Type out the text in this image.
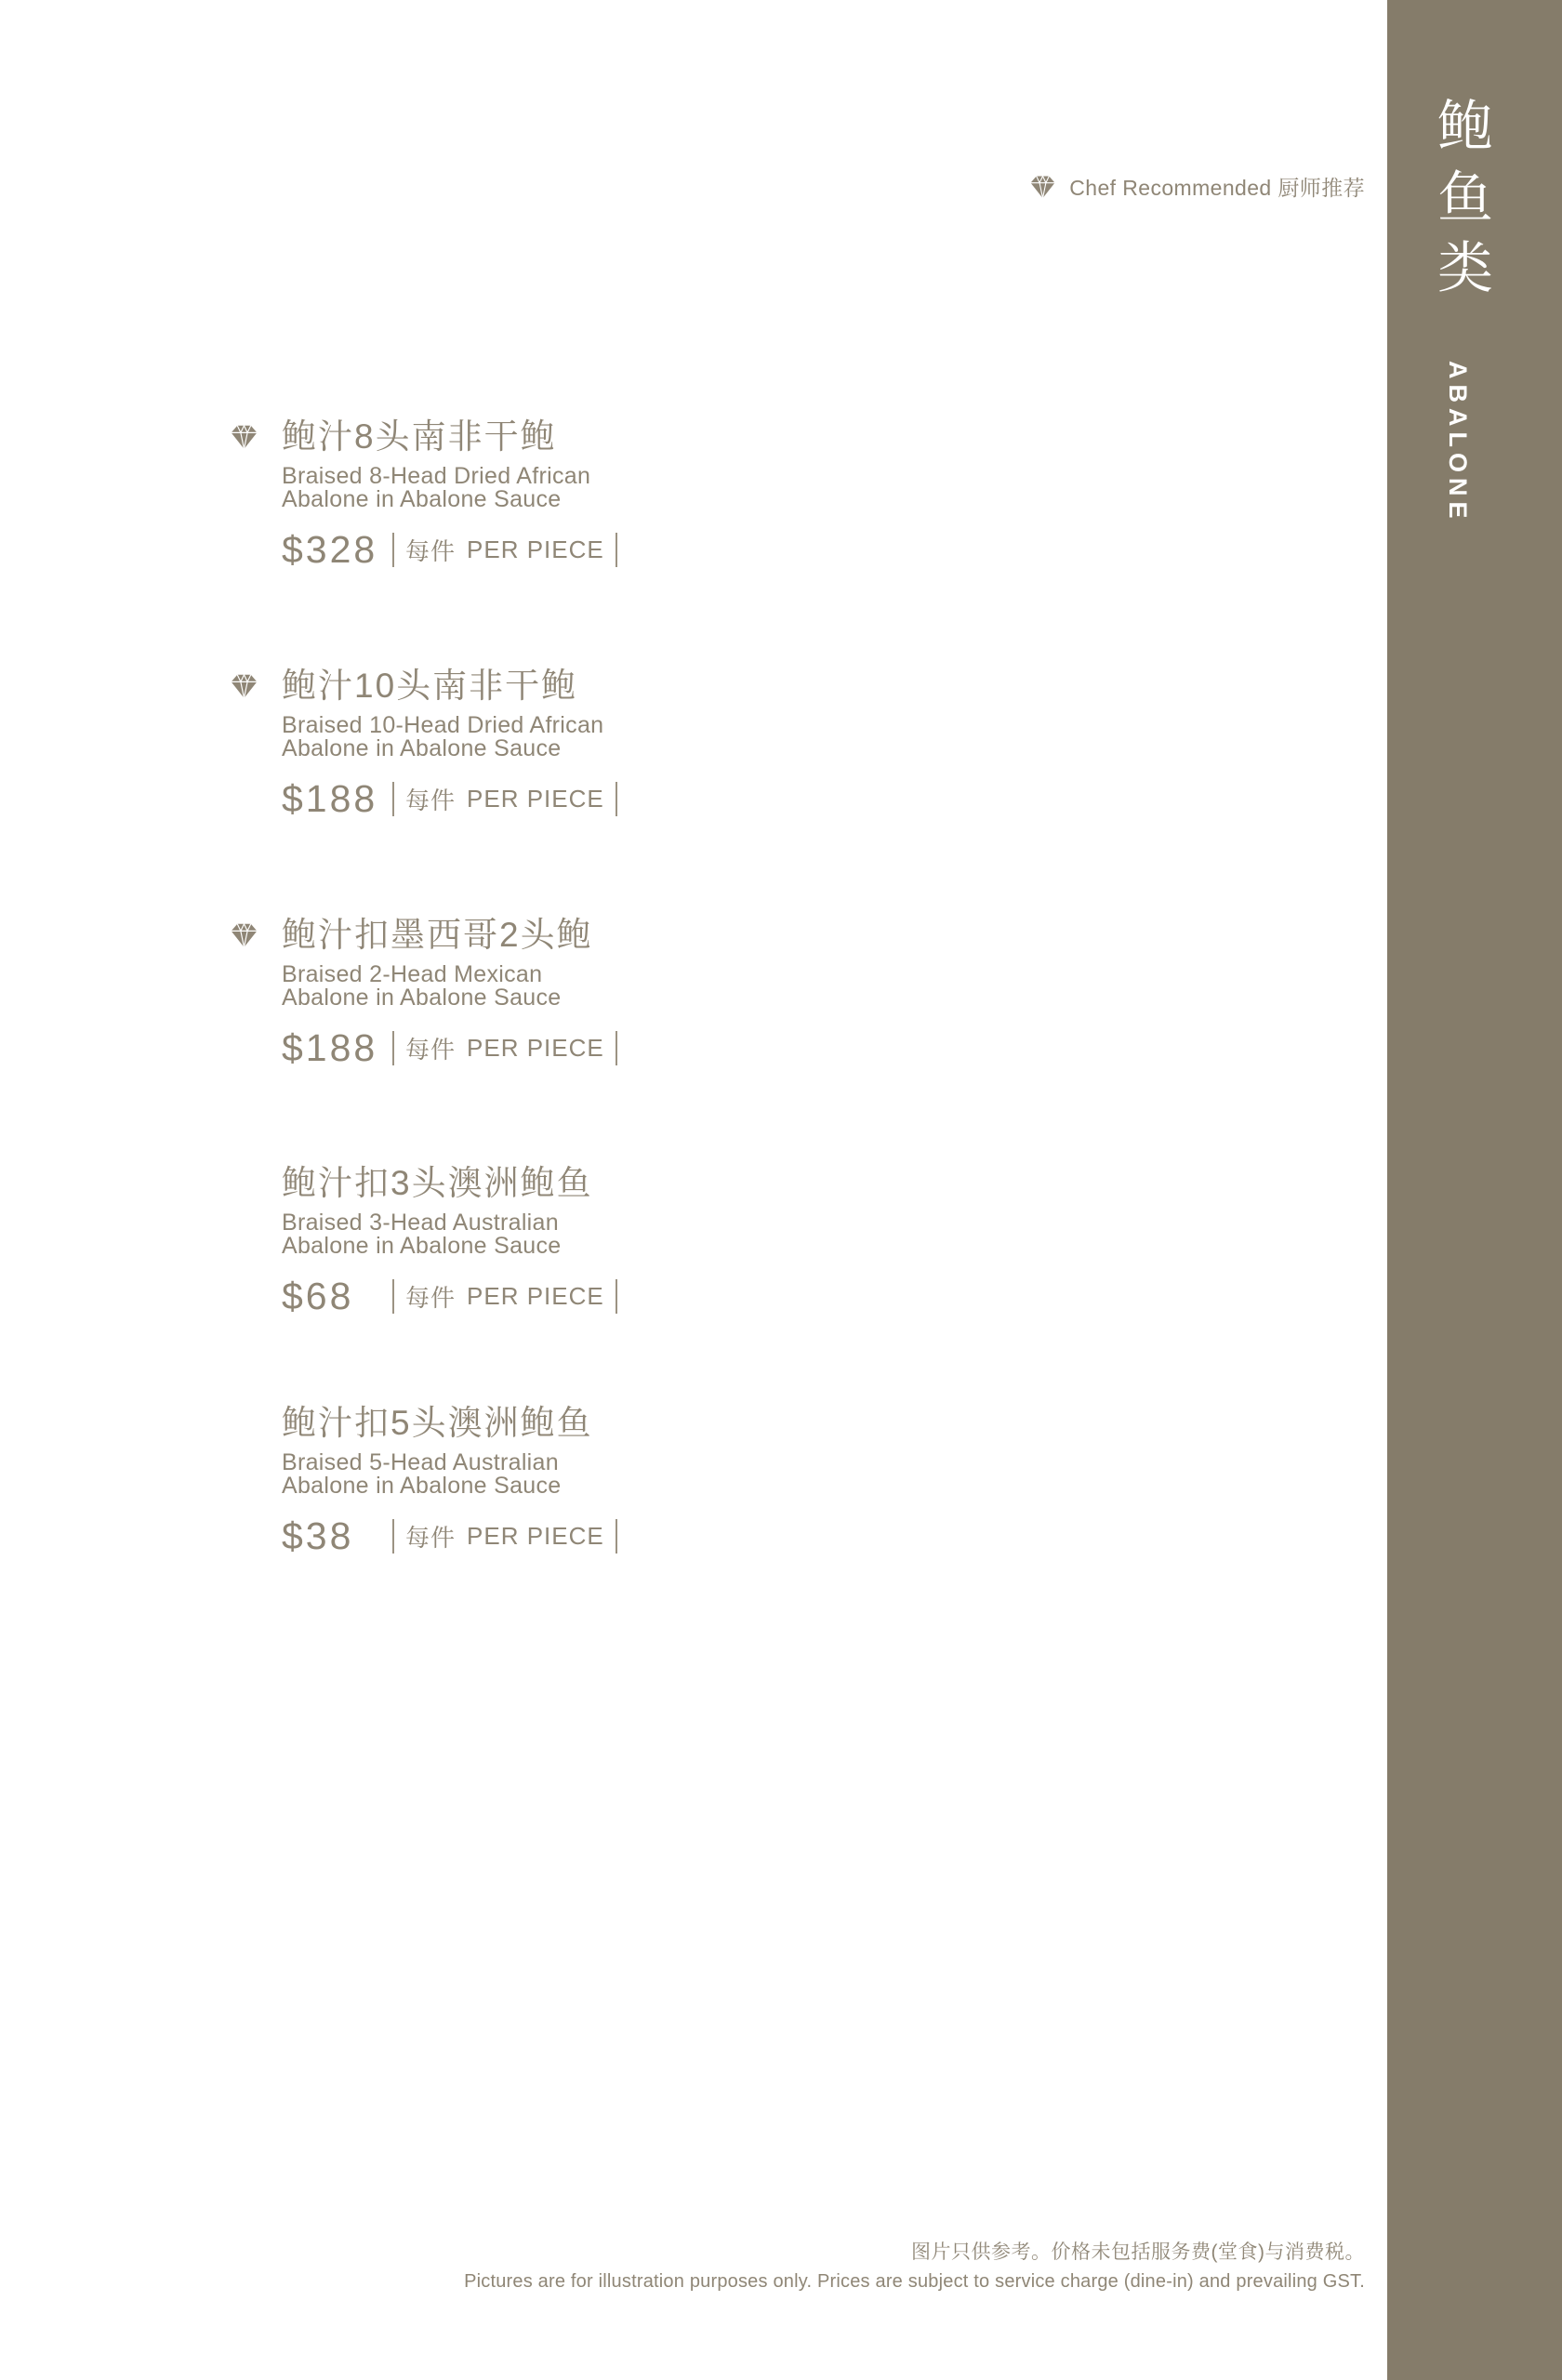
Chef Recommended 厨师推荐
鲍汁8头南非干鲍

Braised 8-Head Dried African

Abalone in Abalone Sauce

$328	每件 PER PIECE
鲍汁10头南非干鲍

Braised 10-Head Dried African

Abalone in Abalone Sauce

$188	每件 PER PIECE
鲍汁扣墨西哥2头鲍

Braised 2-Head Mexican

Abalone in Abalone Sauce

$188	每件 PER PIECE
鲍汁扣3头澳洲鲍鱼

Braised 3-Head Australian

Abalone in Abalone Sauce

$68	每件 PER PIECE
鲍汁扣5头澳洲鲍鱼

Braised 5-Head Australian

Abalone in Abalone Sauce

$38	每件 PER PIECE

图片只供参考。价格未包括服务费(堂食)与消费税。

Pictures are for illustration purposes only. Prices are subject to service charge (dine-in) and prevailing GST.

鲍鱼类
ABALONE
